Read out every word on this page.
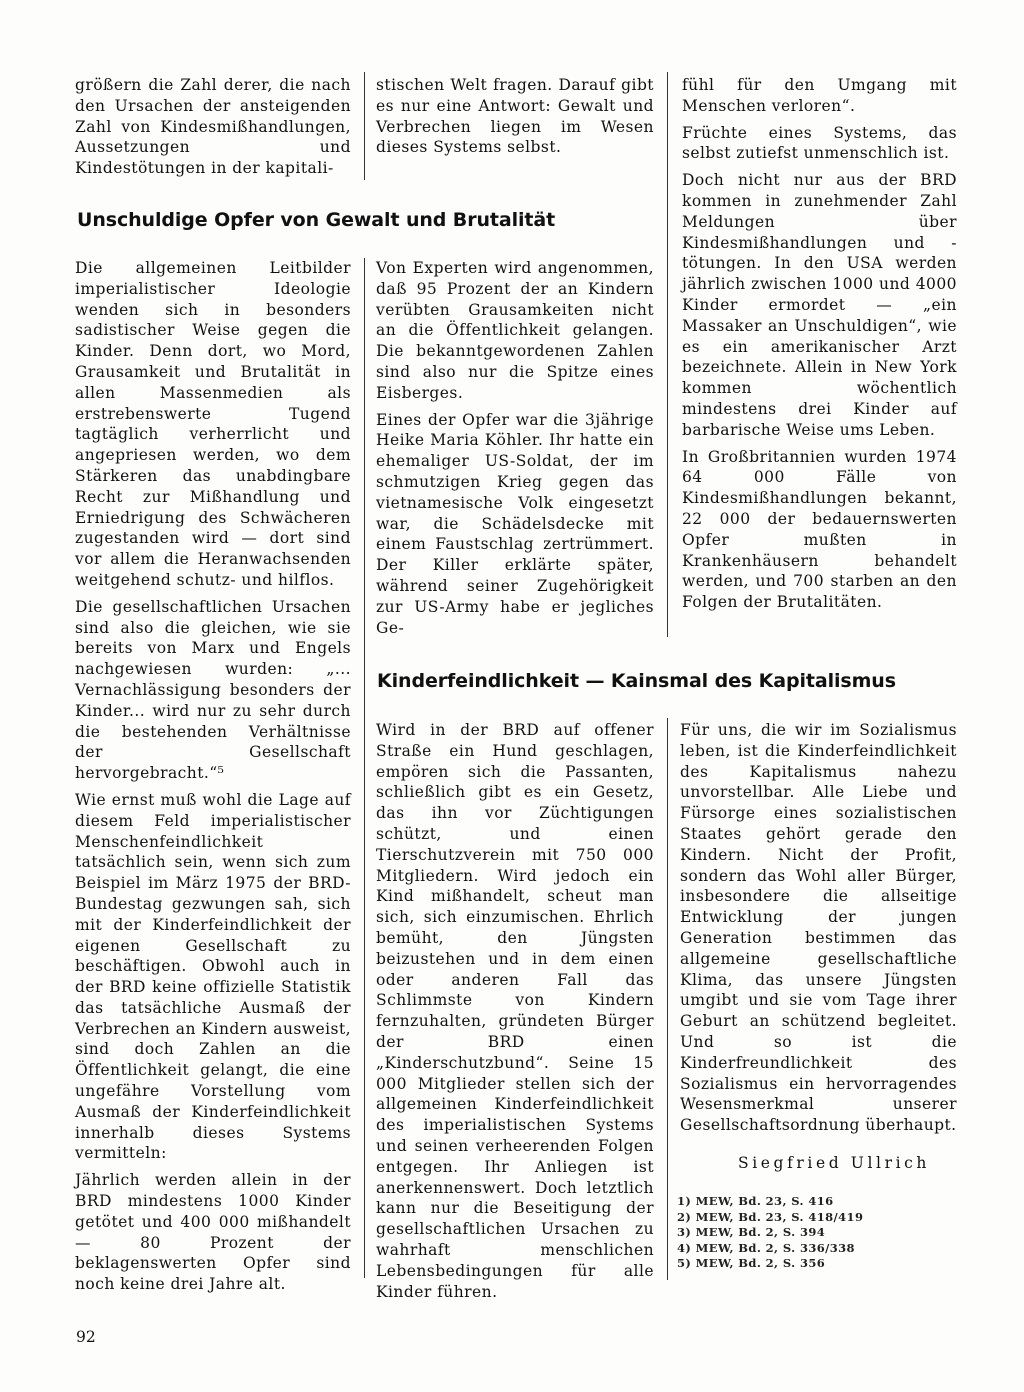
größern die Zahl derer, die nach den Ursachen der ansteigenden Zahl von Kindesmißhandlungen, Aussetzungen und Kindestötungen in der kapitali-

stischen Welt fragen. Darauf gibt es nur eine Antwort: Gewalt und Verbrechen liegen im Wesen dieses Systems selbst.

fühl für den Umgang mit Menschen verloren“.

Früchte eines Systems, das selbst zutiefst unmenschlich ist.

Doch nicht nur aus der BRD kommen in zunehmender Zahl Meldungen über Kindesmißhandlungen und -tötungen. In den USA werden jährlich zwischen 1000 und 4000 Kinder ermordet — „ein Massaker an Unschuldigen“, wie es ein amerikanischer Arzt bezeichnete. Allein in New York kommen wöchentlich mindestens drei Kinder auf barbarische Weise ums Leben.

In Großbritannien wurden 1974 64 000 Fälle von Kindesmißhandlungen bekannt, 22 000 der bedauernswerten Opfer mußten in Krankenhäusern behandelt werden, und 700 starben an den Folgen der Brutalitäten.

Unschuldige Opfer von Gewalt und Brutalität

Die allgemeinen Leitbilder imperialistischer Ideologie wenden sich in besonders sadistischer Weise gegen die Kinder. Denn dort, wo Mord, Grausamkeit und Brutalität in allen Massenmedien als erstrebenswerte Tugend tagtäglich verherrlicht und angepriesen werden, wo dem Stärkeren das unabdingbare Recht zur Mißhandlung und Erniedrigung des Schwächeren zugestanden wird — dort sind vor allem die Heranwachsenden weitgehend schutz- und hilflos.

Die gesellschaftlichen Ursachen sind also die gleichen, wie sie bereits von Marx und Engels nachgewiesen wurden: „... Vernachlässigung besonders der Kinder... wird nur zu sehr durch die bestehenden Verhältnisse der Gesellschaft hervorgebracht.“⁵

Wie ernst muß wohl die Lage auf diesem Feld imperialistischer Menschenfeindlichkeit tatsächlich sein, wenn sich zum Beispiel im März 1975 der BRD-Bundestag gezwungen sah, sich mit der Kinderfeindlichkeit der eigenen Gesellschaft zu beschäftigen. Obwohl auch in der BRD keine offizielle Statistik das tatsächliche Ausmaß der Verbrechen an Kindern ausweist, sind doch Zahlen an die Öffentlichkeit gelangt, die eine ungefähre Vorstellung vom Ausmaß der Kinderfeindlichkeit innerhalb dieses Systems vermitteln:

Jährlich werden allein in der BRD mindestens 1000 Kinder getötet und 400 000 mißhandelt — 80 Prozent der beklagenswerten Opfer sind noch keine drei Jahre alt.

Von Experten wird angenommen, daß 95 Prozent der an Kindern verübten Grausamkeiten nicht an die Öffentlichkeit gelangen. Die bekanntgewordenen Zahlen sind also nur die Spitze eines Eisberges.

Eines der Opfer war die 3jährige Heike Maria Köhler. Ihr hatte ein ehemaliger US-Soldat, der im schmutzigen Krieg gegen das vietnamesische Volk eingesetzt war, die Schädelsdecke mit einem Faustschlag zertrümmert. Der Killer erklärte später, während seiner Zugehörigkeit zur US-Army habe er jegliches Ge-

Kinderfeindlichkeit — Kainsmal des Kapitalismus

Wird in der BRD auf offener Straße ein Hund geschlagen, empören sich die Passanten, schließlich gibt es ein Gesetz, das ihn vor Züchtigungen schützt, und einen Tierschutzverein mit 750 000 Mitgliedern. Wird jedoch ein Kind mißhandelt, scheut man sich, sich einzumischen. Ehrlich bemüht, den Jüngsten beizustehen und in dem einen oder anderen Fall das Schlimmste von Kindern fernzuhalten, gründeten Bürger der BRD einen „Kinderschutzbund“. Seine 15 000 Mitglieder stellen sich der allgemeinen Kinderfeindlichkeit des imperialistischen Systems und seinen verheerenden Folgen entgegen. Ihr Anliegen ist anerkennenswert. Doch letztlich kann nur die Beseitigung der gesellschaftlichen Ursachen zu wahrhaft menschlichen Lebensbedingungen für alle Kinder führen.

Für uns, die wir im Sozialismus leben, ist die Kinderfeindlichkeit des Kapitalismus nahezu unvorstellbar. Alle Liebe und Fürsorge eines sozialistischen Staates gehört gerade den Kindern. Nicht der Profit, sondern das Wohl aller Bürger, insbesondere die allseitige Entwicklung der jungen Generation bestimmen das allgemeine gesellschaftliche Klima, das unsere Jüngsten umgibt und sie vom Tage ihrer Geburt an schützend begleitet. Und so ist die Kinderfreundlichkeit des Sozialismus ein hervorragendes Wesensmerkmal unserer Gesellschaftsordnung überhaupt.

Siegfried Ullrich

1) MEW, Bd. 23, S. 416
2) MEW, Bd. 23, S. 418/419
3) MEW, Bd. 2, S. 394
4) MEW, Bd. 2, S. 336/338
5) MEW, Bd. 2, S. 356

92
